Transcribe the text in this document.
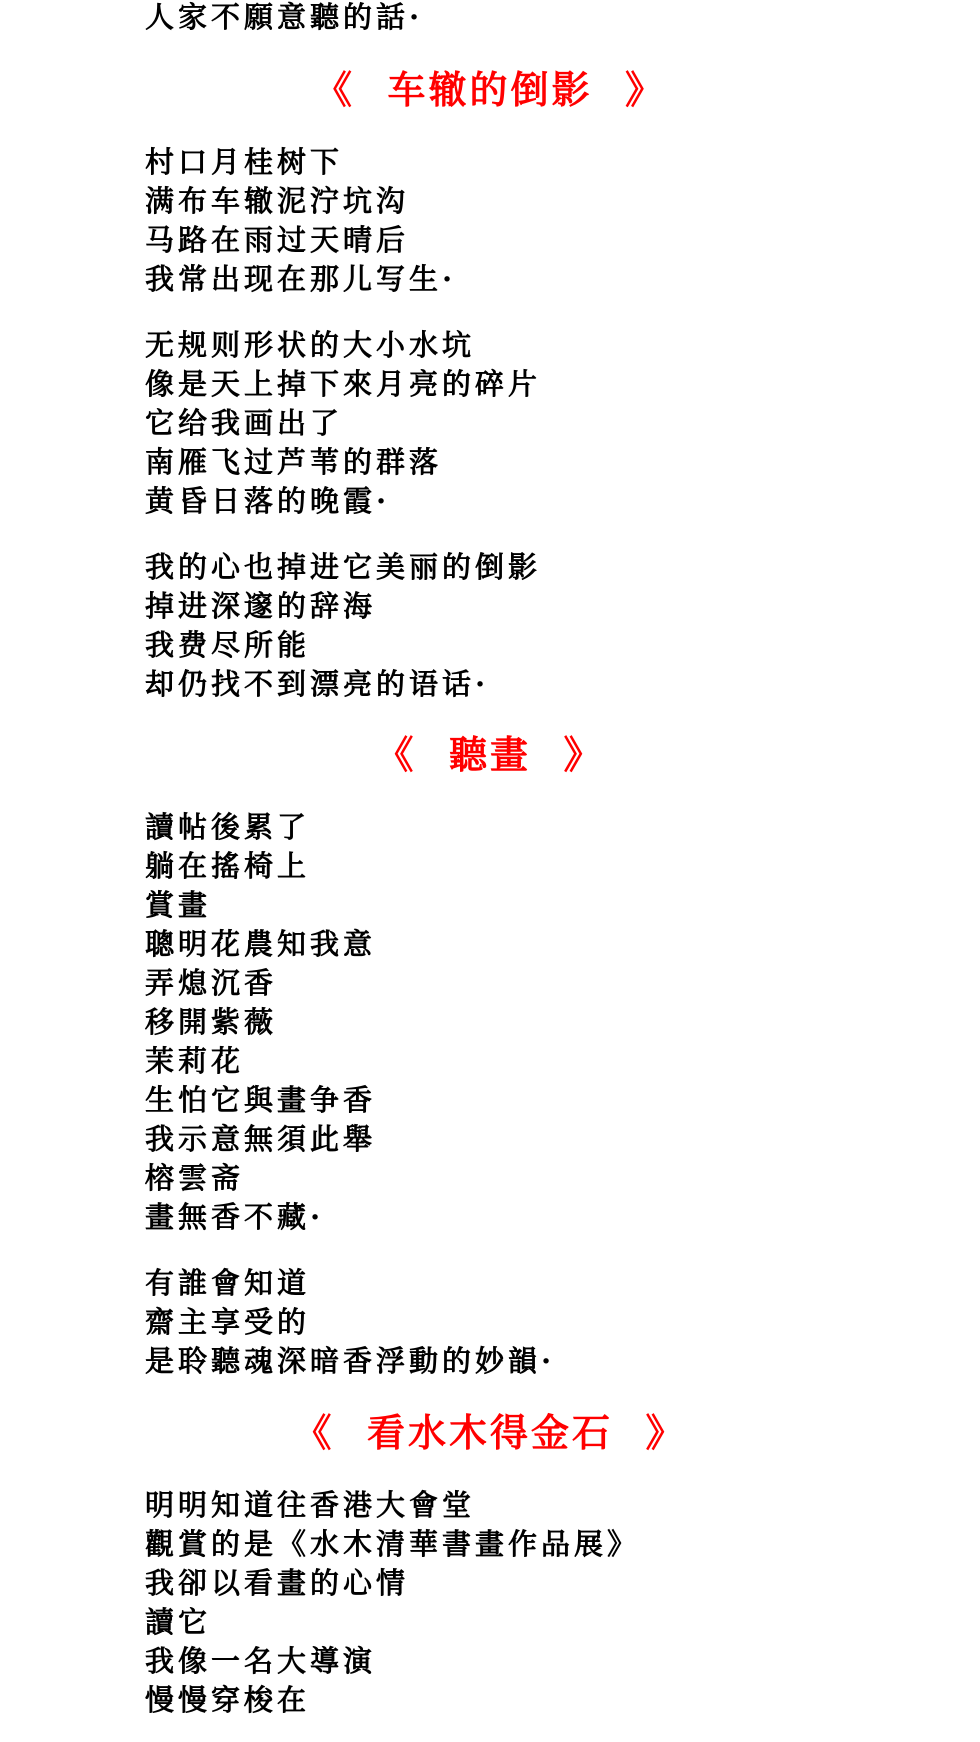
人家不願意聽的話·
《  车辙的倒影  》
村口月桂树下
满布车辙泥泞坑沟
马路在雨过天晴后
我常出现在那儿写生·
无规则形状的大小水坑
像是天上掉下來月亮的碎片
它给我画出了
南雁飞过芦苇的群落
黄昏日落的晚霞·
我的心也掉进它美丽的倒影
掉进深邃的辞海
我费尽所能
却仍找不到漂亮的语话·
《  聽畫  》
讀帖後累了
躺在搖椅上
賞畫
聰明花農知我意
弄熄沉香
移開紫薇
茉莉花
生怕它與畫争香
我示意無須此舉
榕雲斋
畫無香不藏·
有誰會知道
齋主享受的
是聆聽魂深暗香浮動的妙韻·
《  看水木得金石  》
明明知道往香港大會堂
觀賞的是《水木清華書畫作品展》
我卻以看畫的心情
讀它
我像一名大導演
慢慢穿梭在
